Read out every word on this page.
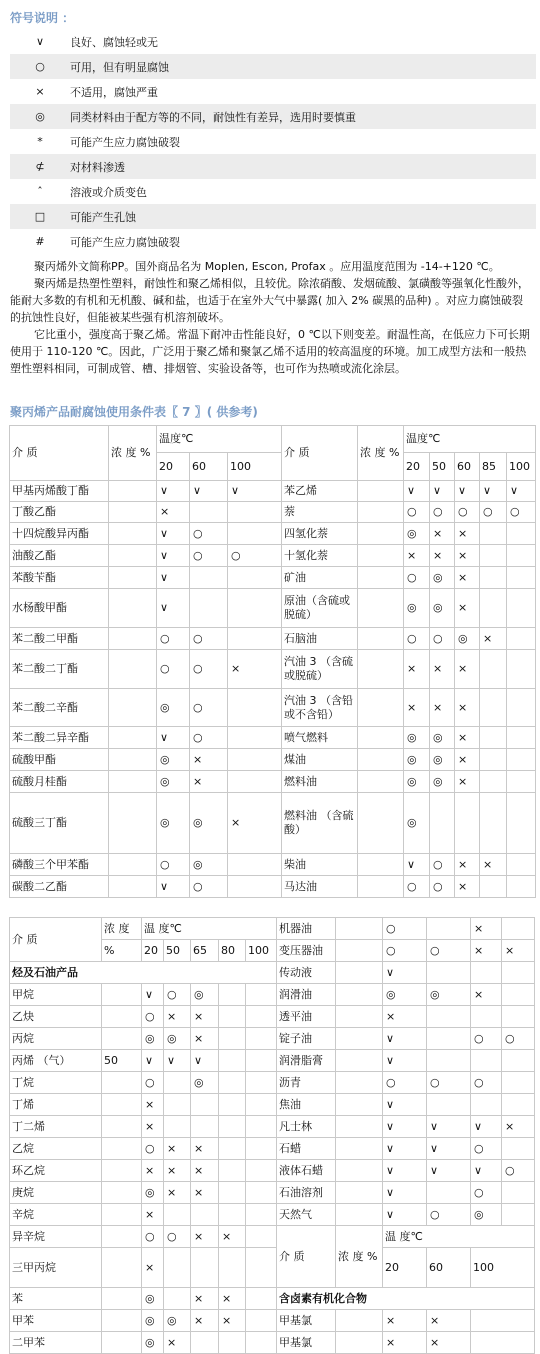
符号说明 ：
∨	良好、腐蚀轻或无
○	可用，但有明显腐蚀
×	不适用，腐蚀严重
◎	同类材料由于配方等的不同，耐蚀性有差异，选用时要慎重
*	可能产生应力腐蚀破裂
⊄	对材料渗透
ˆ	溶液或介质变色
□	可能产生孔蚀
#	可能产生应力腐蚀破裂

聚丙烯外文简称PP。国外商品名为 Moplen, Escon, Profax 。应用温度范围为 -14-+120 ℃。

聚丙烯是热塑性塑料，耐蚀性和聚乙烯相似，且较优。除浓硝酸、发烟硫酸、氯磺酸等强氧化性酸外，能耐大多数的有机和无机酸、碱和盐，也适于在室外大气中暴露( 加入 2% 碳黑的品种) 。对应力腐蚀破裂的抗蚀性良好，但能被某些强有机溶剂破坏。

它比重小，强度高于聚乙烯。常温下耐冲击性能良好，0 ℃以下则变差。耐温性高，在低应力下可长期使用于 110-120 ℃。因此，广泛用于聚乙烯和聚氯乙烯不适用的较高温度的环境。加工成型方法和一般热塑性塑料相同，可制成管、槽、排烟管、实验设备等，也可作为热喷或流化涂层。

聚丙烯产品耐腐蚀使用条件表〖 7 〗( 供参考)
介 质	浓 度 %	温度℃			介 质	浓 度 %	温度℃				
		20	60	100			20	50	60	85	100
甲基丙烯酸丁酯		∨	∨	∨	苯乙烯		∨	∨	∨	∨	∨
丁酸乙酯		×			萘		○	○	○	○	○
十四烷酸异丙酯		∨	○		四氢化萘		◎	×	×		
油酸乙酯		∨	○	○	十氢化萘		×	×	×		
苯酸苄酯		∨			矿油		○	◎	×		
水杨酸甲酯		∨			原油（含硫或脱硫）		◎	◎	×		
苯二酸二甲酯		○	○		石脑油		○	○	◎	×	
苯二酸二丁酯		○	○	×	汽油 3 （含硫或脱硫）		×	×	×		
苯二酸二辛酯		◎	○		汽油 3 （含铅或不含铅）		×	×	×		
苯二酸二异辛酯		∨	○		喷气燃料		◎	◎	×		
硫酸甲酯		◎	×		煤油		◎	◎	×		
硫酸月桂酯		◎	×		燃料油		◎	◎	×		
硫酸三丁酯		◎	◎	×	燃料油 （含硫酸）		◎				
磷酸三个甲苯酯		○	◎		柴油		∨	○	×	×	
碳酸二乙酯		∨	○		马达油		○	○	×		
介 质	浓 度	温 度℃					机器油		○		×		
	%	20	50	65	80	100	变压器油		○	○	×	×	
烃及石油产品							传动液		∨				
甲烷		∨	○	◎			润滑油		◎	◎	×		
乙炔		○	×	×			透平油		×				
丙烷		◎	◎	×			锭子油		∨		○	○	
丙烯 （气）	50	∨	∨	∨			润滑脂膏		∨				
丁烷		○		◎			沥青		○	○	○		
丁烯		×					焦油		∨				
丁二烯		×					凡士林		∨	∨	∨	×	
乙烷		○	×	×			石蜡		∨	∨	○		
环乙烷		×	×	×			液体石蜡		∨	∨	∨	○	
庚烷		◎	×	×			石油溶剂		∨		○		
辛烷		×					天然气		∨	○	◎		
异辛烷		○	○	×	×		介 质	浓 度 %	温 度℃				
三甲丙烷		×							20	60	100		
苯		◎		×	×		含卤素有机化合物						
甲苯		◎	◎	×	×		甲基氯		×	×			
二甲苯		◎	×				甲基氯		×	×			
